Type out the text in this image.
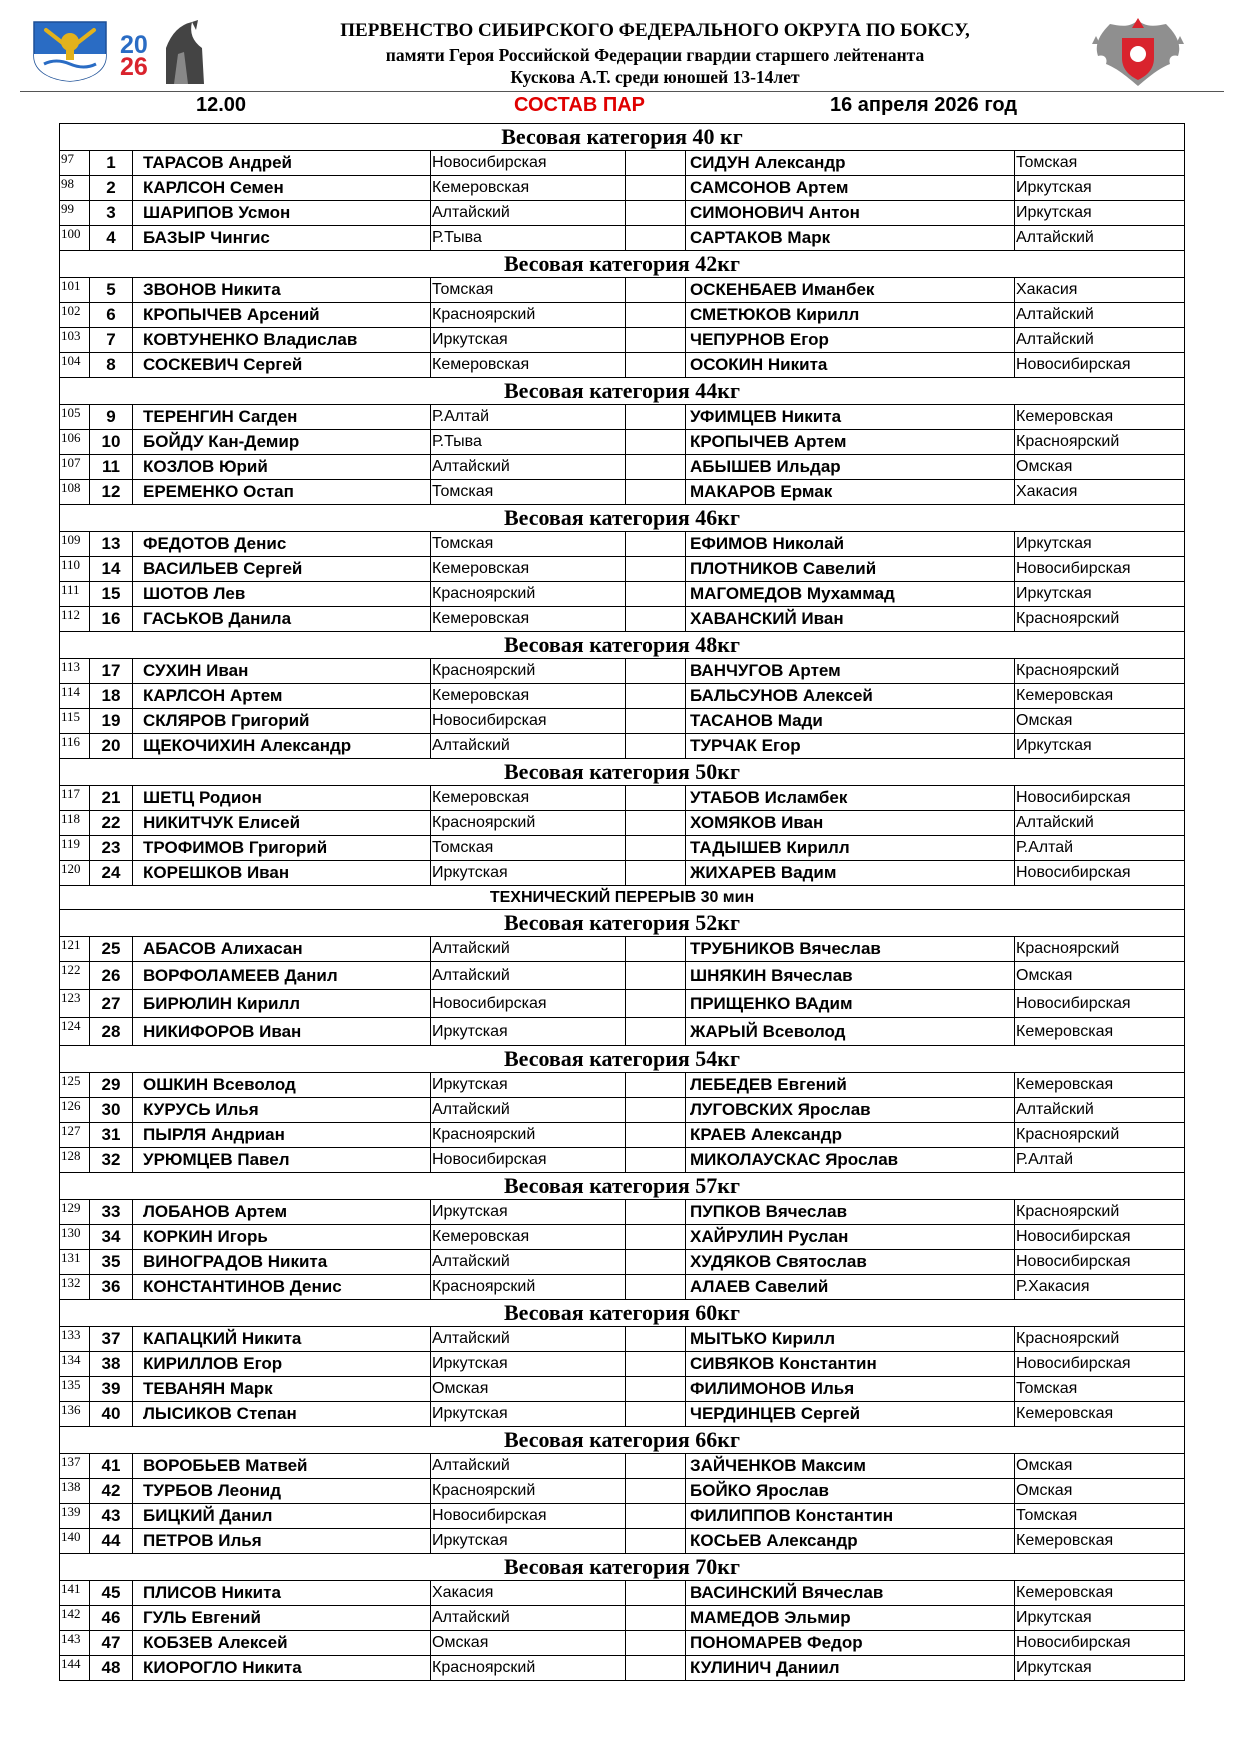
20
26
ПЕРВЕНСТВО СИБИРСКОГО ФЕДЕРАЛЬНОГО ОКРУГА ПО БОКСУ,
памяти Героя Российской Федерации гвардии старшего лейтенанта
Кускова А.Т. среди юношей 13-14лет
12.00	СОСТАВ ПАР	16 апреля 2026 год
Весовая категория 40 кг
97	1	ТАРАСОВ Андрей	Новосибирская	СИДУН Александр	Томская
98	2	КАРЛСОН Семен	Кемеровская	САМСОНОВ Артем	Иркутская
99	3	ШАРИПОВ Усмон	Алтайский	СИМОНОВИЧ Антон	Иркутская
100	4	БАЗЫР Чингис	Р.Тыва	САРТАКОВ Марк	Алтайский
Весовая категория 42кг
101	5	ЗВОНОВ Никита	Томская	ОСКЕНБАЕВ Иманбек	Хакасия
102	6	КРОПЫЧЕВ Арсений	Красноярский	СМЕТЮКОВ Кирилл	Алтайский
103	7	КОВТУНЕНКО Владислав	Иркутская	ЧЕПУРНОВ Егор	Алтайский
104	8	СОСКЕВИЧ Сергей	Кемеровская	ОСОКИН Никита	Новосибирская
Весовая категория 44кг
105	9	ТЕРЕНГИН Сагден	Р.Алтай	УФИМЦЕВ Никита	Кемеровская
106	10	БОЙДУ Кан-Демир	Р.Тыва	КРОПЫЧЕВ Артем	Красноярский
107	11	КОЗЛОВ Юрий	Алтайский	АБЫШЕВ Ильдар	Омская
108	12	ЕРЕМЕНКО Остап	Томская	МАКАРОВ Ермак	Хакасия
Весовая категория 46кг
109	13	ФЕДОТОВ Денис	Томская	ЕФИМОВ Николай	Иркутская
110	14	ВАСИЛЬЕВ Сергей	Кемеровская	ПЛОТНИКОВ Савелий	Новосибирская
111	15	ШОТОВ Лев	Красноярский	МАГОМЕДОВ Мухаммад	Иркутская
112	16	ГАСЬКОВ Данила	Кемеровская	ХАВАНСКИЙ Иван	Красноярский
Весовая категория 48кг
113	17	СУХИН Иван	Красноярский	ВАНЧУГОВ Артем	Красноярский
114	18	КАРЛСОН Артем	Кемеровская	БАЛЬСУНОВ Алексей	Кемеровская
115	19	СКЛЯРОВ Григорий	Новосибирская	ТАСАНОВ Мади	Омская
116	20	ЩЕКОЧИХИН Александр	Алтайский	ТУРЧАК Егор	Иркутская
Весовая категория 50кг
117	21	ШЕТЦ Родион	Кемеровская	УТАБОВ Исламбек	Новосибирская
118	22	НИКИТЧУК Елисей	Красноярский	ХОМЯКОВ Иван	Алтайский
119	23	ТРОФИМОВ Григорий	Томская	ТАДЫШЕВ Кирилл	Р.Алтай
120	24	КОРЕШКОВ Иван	Иркутская	ЖИХАРЕВ Вадим	Новосибирская
ТЕХНИЧЕСКИЙ ПЕРЕРЫВ 30 мин
Весовая категория 52кг
121	25	АБАСОВ Алихасан	Алтайский	ТРУБНИКОВ Вячеслав	Красноярский
122	26	ВОРФОЛАМЕЕВ Данил	Алтайский	ШНЯКИН Вячеслав	Омская
123	27	БИРЮЛИН Кирилл	Новосибирская	ПРИЩЕНКО ВАдим	Новосибирская
124	28	НИКИФОРОВ Иван	Иркутская	ЖАРЫЙ Всеволод	Кемеровская
Весовая категория 54кг
125	29	ОШКИН Всеволод	Иркутская	ЛЕБЕДЕВ Евгений	Кемеровская
126	30	КУРУСЬ Илья	Алтайский	ЛУГОВСКИХ Ярослав	Алтайский
127	31	ПЫРЛЯ Андриан	Красноярский	КРАЕВ Александр	Красноярский
128	32	УРЮМЦЕВ Павел	Новосибирская	МИКОЛАУСКАС Ярослав	Р.Алтай
Весовая категория 57кг
129	33	ЛОБАНОВ Артем	Иркутская	ПУПКОВ Вячеслав	Красноярский
130	34	КОРКИН Игорь	Кемеровская	ХАЙРУЛИН Руслан	Новосибирская
131	35	ВИНОГРАДОВ Никита	Алтайский	ХУДЯКОВ Святослав	Новосибирская
132	36	КОНСТАНТИНОВ Денис	Красноярский	АЛАЕВ Савелий	Р.Хакасия
Весовая категория 60кг
133	37	КАПАЦКИЙ Никита	Алтайский	МЫТЬКО Кирилл	Красноярский
134	38	КИРИЛЛОВ Егор	Иркутская	СИВЯКОВ Константин	Новосибирская
135	39	ТЕВАНЯН Марк	Омская	ФИЛИМОНОВ Илья	Томская
136	40	ЛЫСИКОВ Степан	Иркутская	ЧЕРДИНЦЕВ Сергей	Кемеровская
Весовая категория 66кг
137	41	ВОРОБЬЕВ Матвей	Алтайский	ЗАЙЧЕНКОВ Максим	Омская
138	42	ТУРБОВ Леонид	Красноярский	БОЙКО Ярослав	Омская
139	43	БИЦКИЙ Данил	Новосибирская	ФИЛИППОВ Константин	Томская
140	44	ПЕТРОВ Илья	Иркутская	КОСЬЕВ Александр	Кемеровская
Весовая категория 70кг
141	45	ПЛИСОВ Никита	Хакасия	ВАСИНСКИЙ Вячеслав	Кемеровская
142	46	ГУЛЬ Евгений	Алтайский	МАМЕДОВ Эльмир	Иркутская
143	47	КОБЗЕВ Алексей	Омская	ПОНОМАРЕВ Федор	Новосибирская
144	48	КИОРОГЛО Никита	Красноярский	КУЛИНИЧ Даниил	Иркутская
